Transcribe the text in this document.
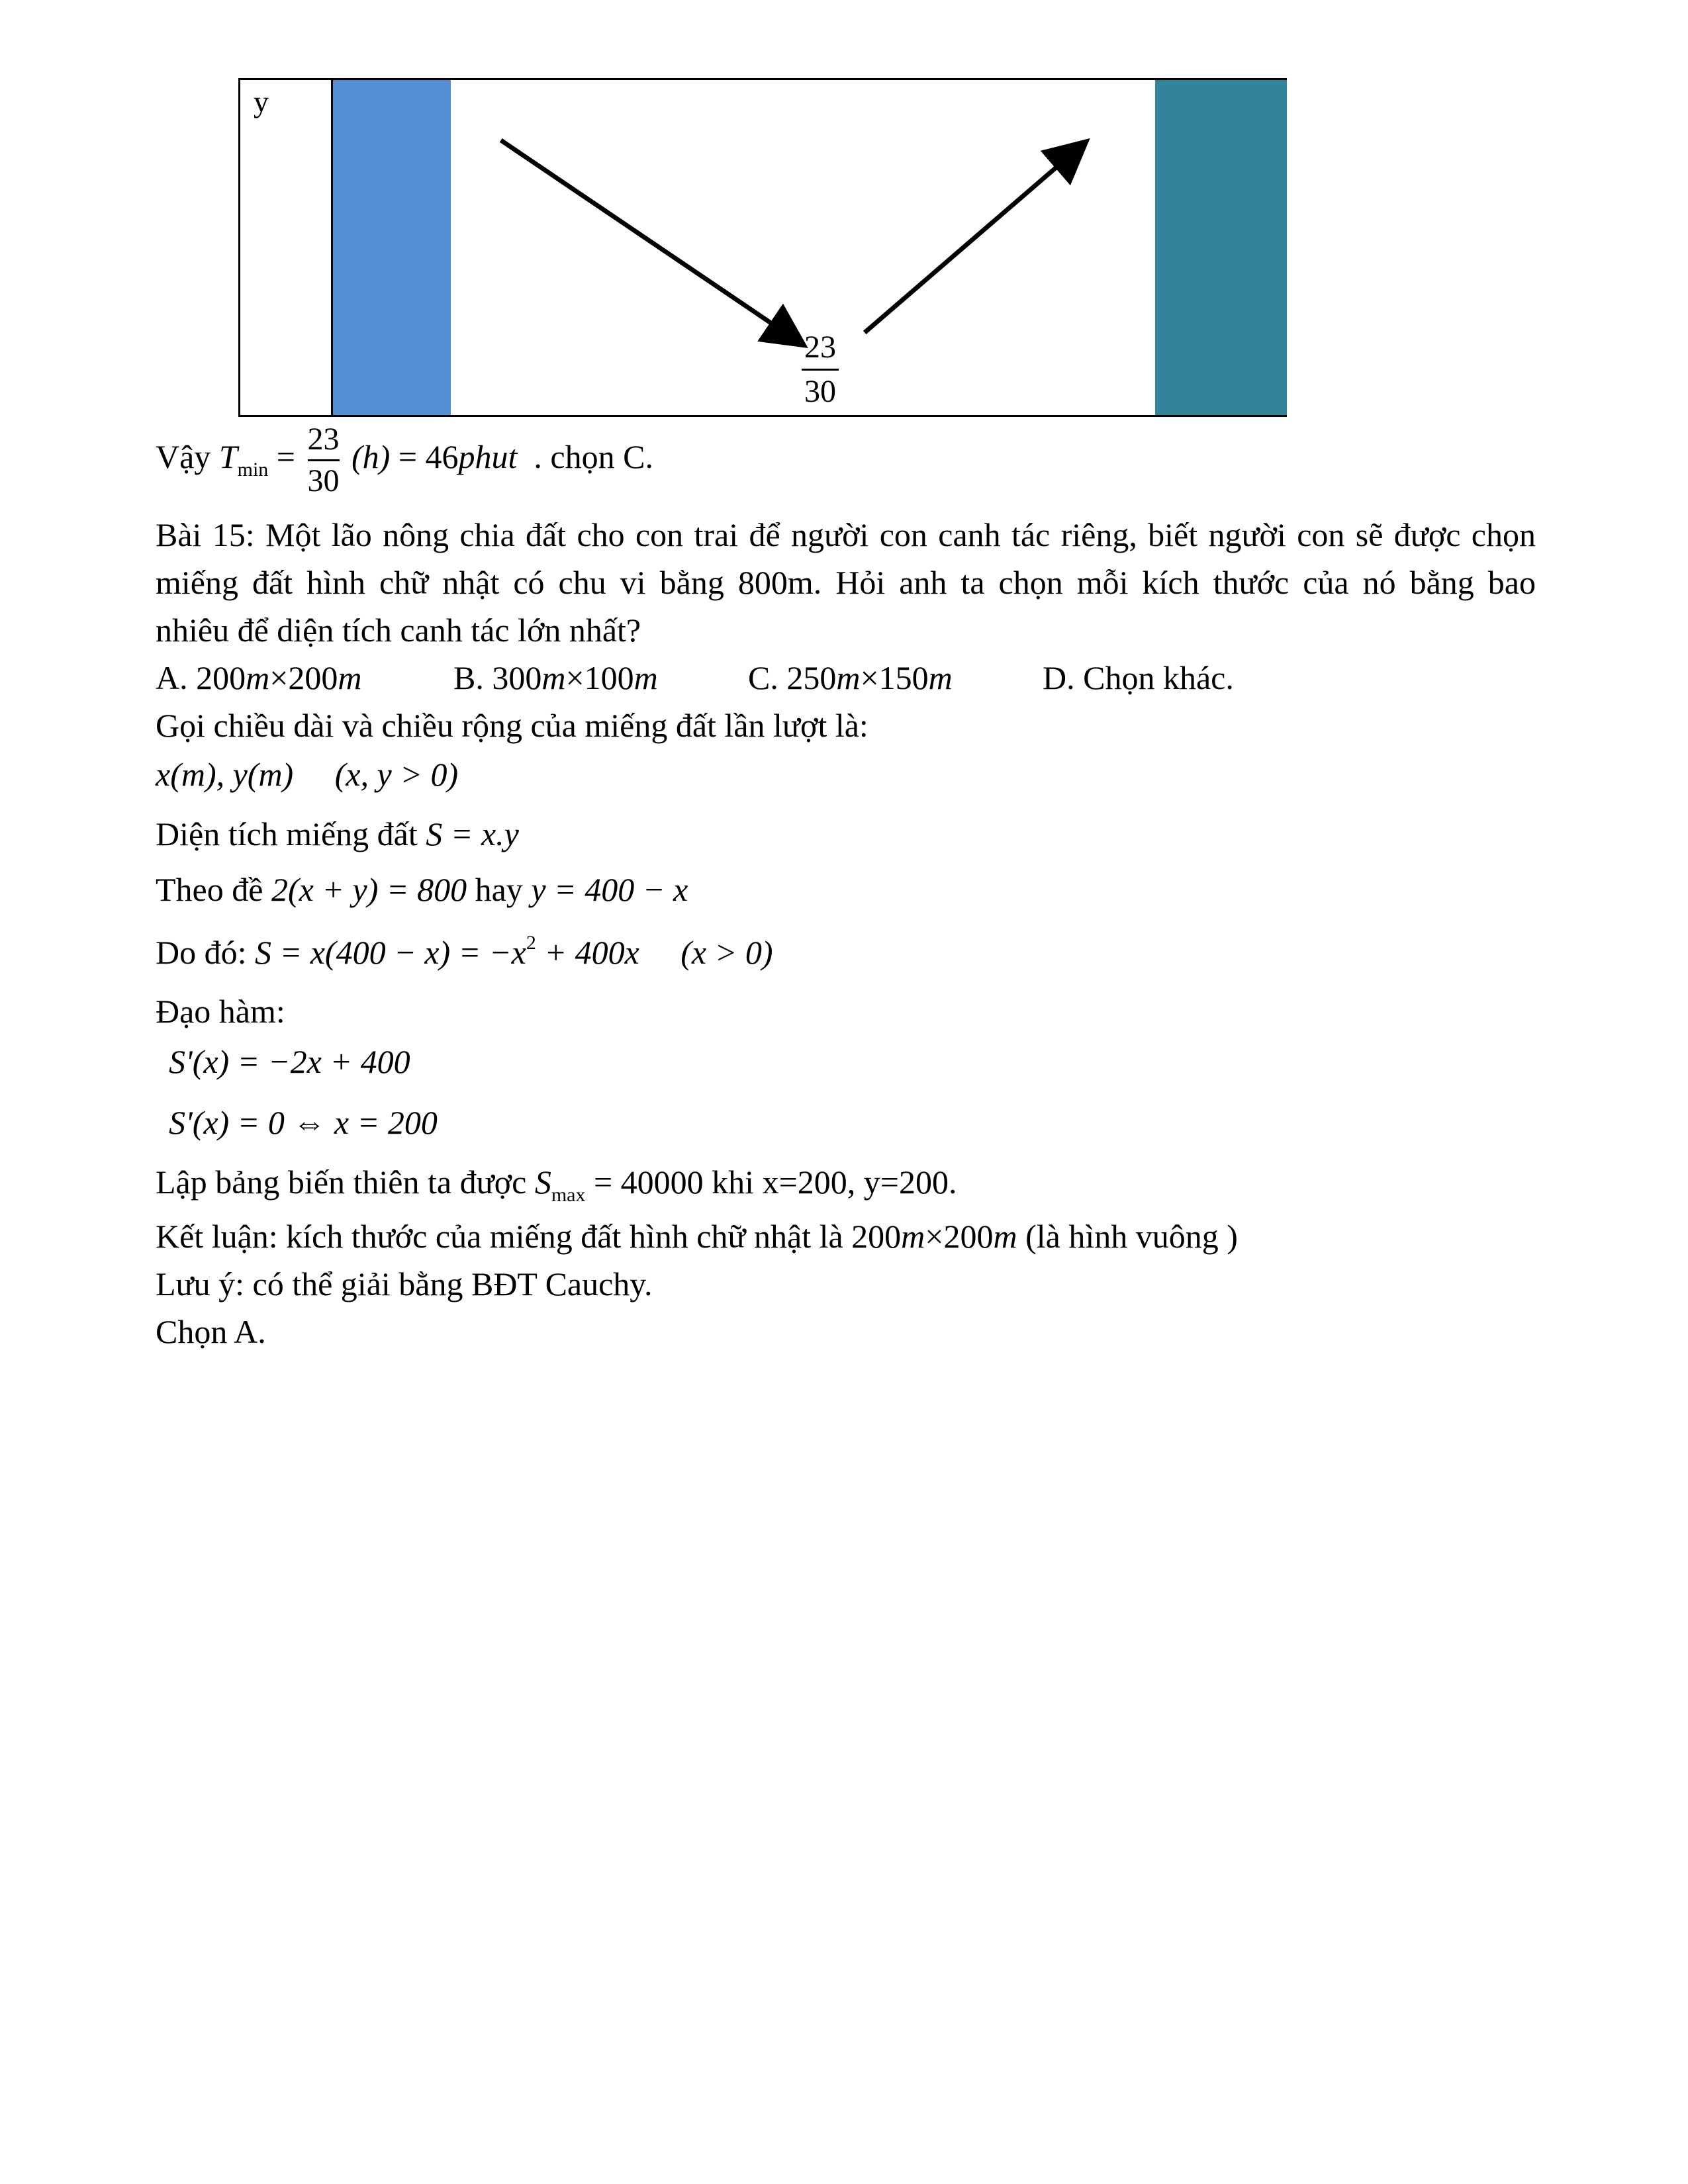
y
23
30
Vậy $T_{min} = \frac{23}{30} (h)$ = 46phut . chọn C.
Bài 15: Một lão nông chia đất cho con trai để người con canh tác riêng, biết người con sẽ được chọn
miếng đất hình chữ nhật có chu vi bằng 800m. Hỏi anh ta chọn mỗi kích thước của nó bằng bao
nhiêu để diện tích canh tác lớn nhất?
A. 200m×200m	B. 300m×100m	C. 250m×150m	D. Chọn khác.
Gọi chiều dài và chiều rộng của miếng đất lần lượt là:
x(m), y(m) (x, y > 0)
Diện tích miếng đất S = x.y
Theo đề 2(x + y) = 800 hay y = 400 − x
Do đó: $S = x(400 - x) = -x^2 + 400x$ (x > 0)
Đạo hàm:
S'(x) = −2x + 400
S'(x) = 0 ⇔ x = 200
Lập bảng biến thiên ta được $S_{max} = 40000$ khi x=200, y=200.
Kết luận: kích thước của miếng đất hình chữ nhật là 200m×200m (là hình vuông )
Lưu ý: có thể giải bằng BĐT Cauchy.
Chọn A.
